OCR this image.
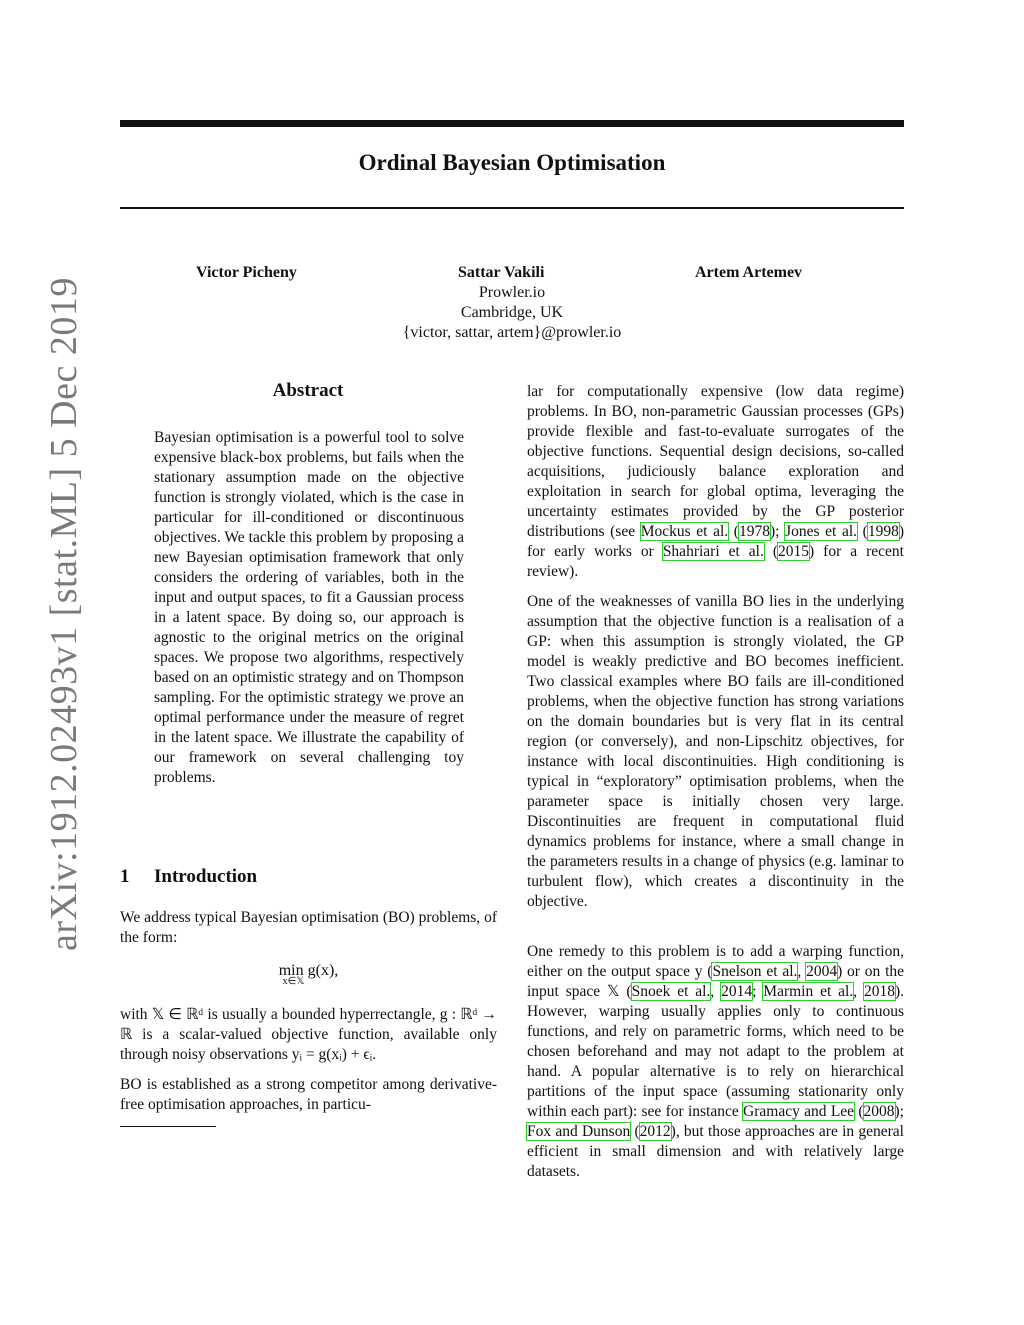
arXiv:1912.02493v1 [stat.ML] 5 Dec 2019
Ordinal Bayesian Optimisation
Victor Picheny	Sattar Vakili	Artem Artemev
Prowler.io
Cambridge, UK
{victor, sattar, artem}@prowler.io
Abstract
Bayesian optimisation is a powerful tool to solve expensive black-box problems, but fails when the stationary assumption made on the objective function is strongly violated, which is the case in particular for ill-conditioned or discontinuous objectives. We tackle this problem by proposing a new Bayesian optimisation framework that only considers the ordering of variables, both in the input and output spaces, to fit a Gaussian process in a latent space. By doing so, our approach is agnostic to the original metrics on the original spaces. We propose two algorithms, respectively based on an optimistic strategy and on Thompson sampling. For the optimistic strategy we prove an optimal performance under the measure of regret in the latent space. We illustrate the capability of our framework on several challenging toy problems.
1 Introduction
We address typical Bayesian optimisation (BO) problems, of the form:
min g(x),
x∈𝕏
with 𝕏 ∈ ℝᵈ is usually a bounded hyperrectangle, g : ℝᵈ → ℝ is a scalar-valued objective function, available only through noisy observations yᵢ = g(xᵢ) + ϵᵢ.
BO is established as a strong competitor among derivative-free optimisation approaches, in particu-
lar for computationally expensive (low data regime) problems. In BO, non-parametric Gaussian processes (GPs) provide flexible and fast-to-evaluate surrogates of the objective functions. Sequential design decisions, so-called acquisitions, judiciously balance exploration and exploitation in search for global optima, leveraging the uncertainty estimates provided by the GP posterior distributions (see Mockus et al. (1978); Jones et al. (1998) for early works or Shahriari et al. (2015) for a recent review).
One of the weaknesses of vanilla BO lies in the underlying assumption that the objective function is a realisation of a GP: when this assumption is strongly violated, the GP model is weakly predictive and BO becomes inefficient. Two classical examples where BO fails are ill-conditioned problems, when the objective function has strong variations on the domain boundaries but is very flat in its central region (or conversely), and non-Lipschitz objectives, for instance with local discontinuities. High conditioning is typical in “exploratory” optimisation problems, when the parameter space is initially chosen very large. Discontinuities are frequent in computational fluid dynamics problems for instance, where a small change in the parameters results in a change of physics (e.g. laminar to turbulent flow), which creates a discontinuity in the objective.
One remedy to this problem is to add a warping function, either on the output space y (Snelson et al., 2004) or on the input space 𝕏 (Snoek et al., 2014; Marmin et al., 2018). However, warping usually applies only to continuous functions, and rely on parametric forms, which need to be chosen beforehand and may not adapt to the problem at hand. A popular alternative is to rely on hierarchical partitions of the input space (assuming stationarity only within each part): see for instance Gramacy and Lee (2008); Fox and Dunson (2012), but those approaches are in general efficient in small dimension and with relatively large datasets.
